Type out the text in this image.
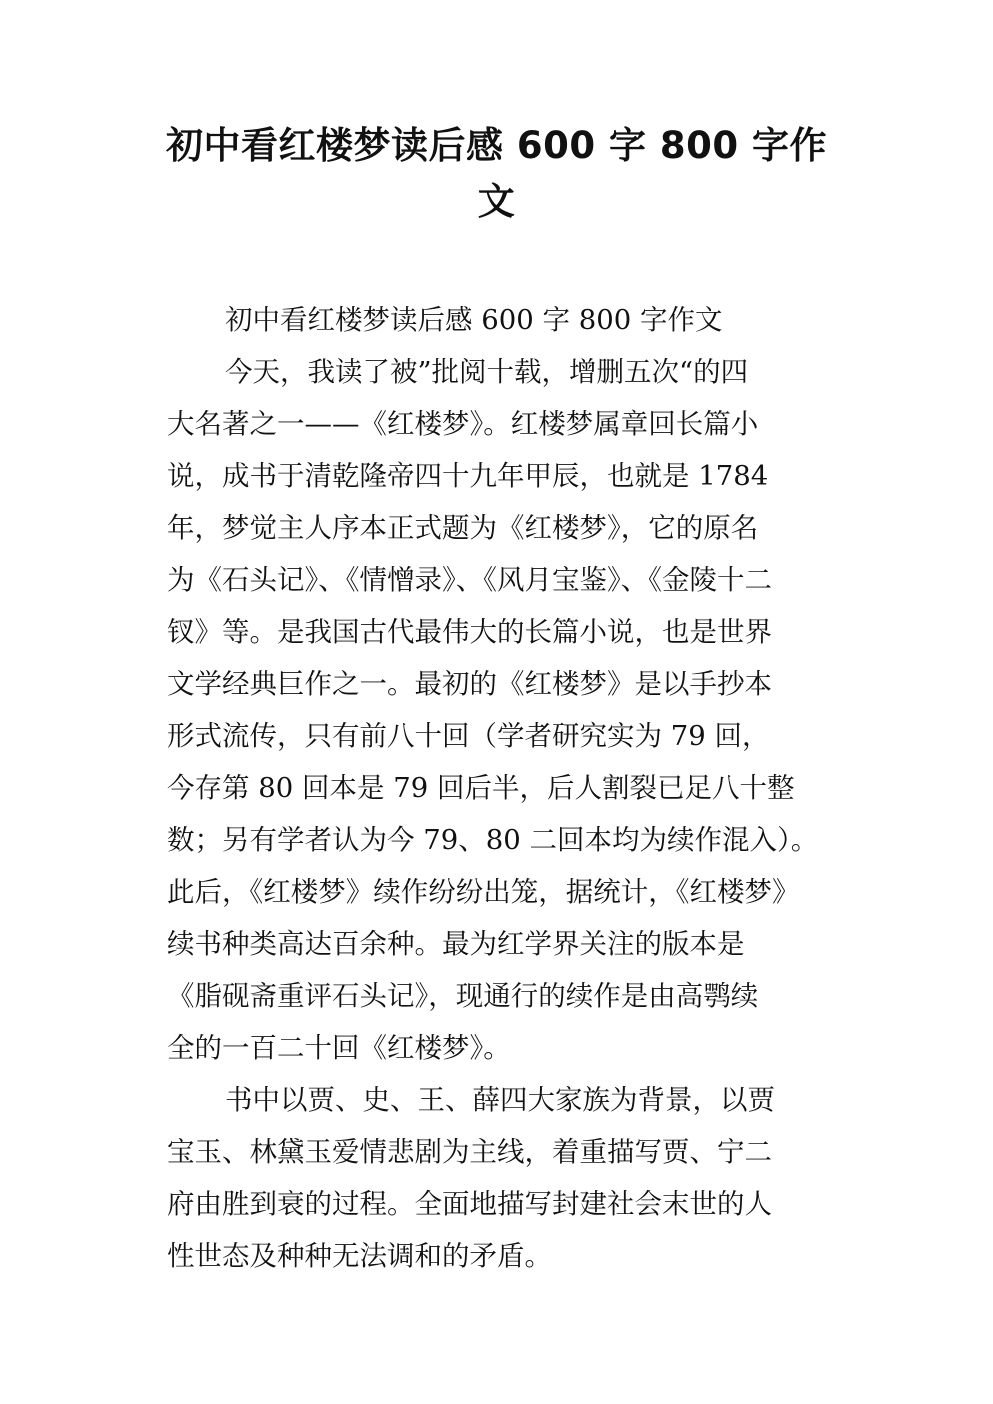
初中看红楼梦读后感 600 字 800 字作
文

初中看红楼梦读后感 600 字 800 字作文

今天，我读了被”批阅十载，增删五次“的四

大名著之一——《红楼梦》。红楼梦属章回长篇小

说，成书于清乾隆帝四十九年甲辰，也就是 1784

年，梦觉主人序本正式题为《红楼梦》，它的原名

为《石头记》、《情憎录》、《风月宝鉴》、《金陵十二

钗》等。是我国古代最伟大的长篇小说，也是世界

文学经典巨作之一。最初的《红楼梦》是以手抄本

形式流传，只有前八十回（学者研究实为 79 回，

今存第 80 回本是 79 回后半，后人割裂已足八十整

数；另有学者认为今 79、80 二回本均为续作混入）。

此后，《红楼梦》续作纷纷出笼，据统计，《红楼梦》

续书种类高达百余种。最为红学界关注的版本是

《脂砚斋重评石头记》，现通行的续作是由高鹗续

全的一百二十回《红楼梦》。

书中以贾、史、王、薛四大家族为背景，以贾

宝玉、林黛玉爱情悲剧为主线，着重描写贾、宁二

府由胜到衰的过程。全面地描写封建社会末世的人

性世态及种种无法调和的矛盾。
